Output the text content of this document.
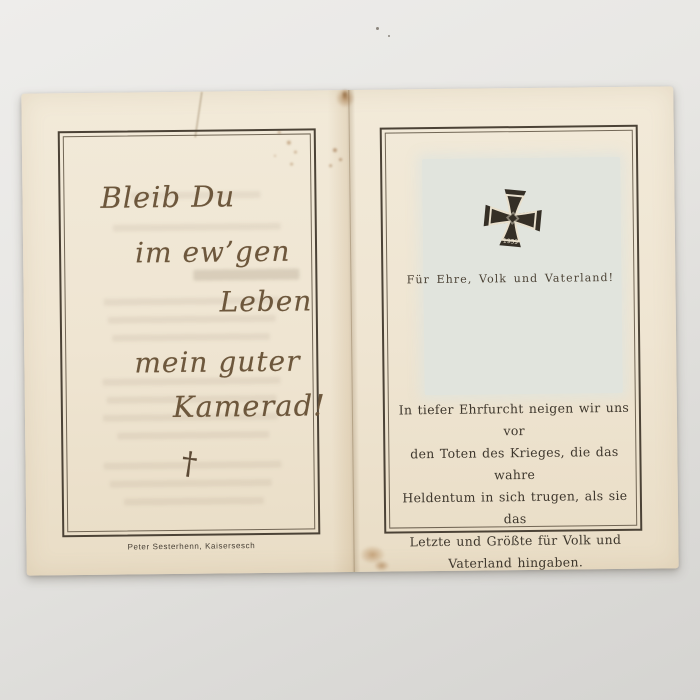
Bleib Du
im ew’gen
Leben
mein guter
Kamerad!
†
Peter Sesterhenn, Kaisersesch
1939
Für Ehre, Volk und Vaterland!
In tiefer Ehrfurcht neigen wir uns vor
den Toten des Krieges, die das wahre
Heldentum in sich trugen, als sie das
Letzte und Größte für Volk und
Vaterland hingaben.
